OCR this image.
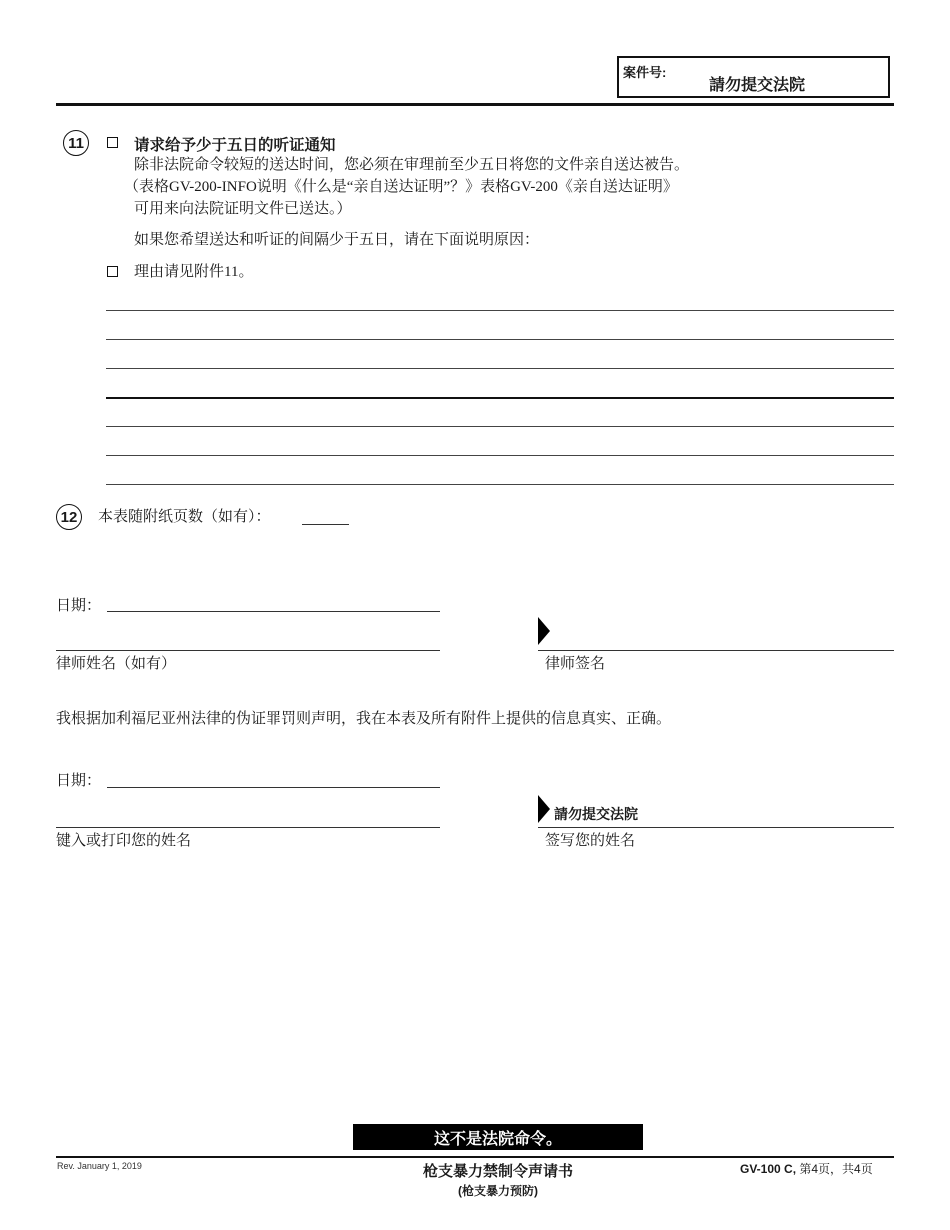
案件号:
請勿提交法院
11	请求给予少于五日的听证通知
除非法院命令较短的送达时间，您必须在审理前至少五日将您的文件亲自送达被告。
（表格GV-200-INFO说明《什么是“亲自送达证明”？》表格GV-200《亲自送达证明》
可用来向法院证明文件已送达。）
如果您希望送达和听证的间隔少于五日，请在下面说明原因：
理由请见附件11。
12 本表随附纸页数（如有）：
日期：
律师姓名（如有）	律师签名
我根据加利福尼亚州法律的伪证罪罚则声明，我在本表及所有附件上提供的信息真实、正确。
日期：
键入或打印您的姓名
請勿提交法院
签写您的姓名
这不是法院命令。
Rev. January 1, 2019	枪支暴力禁制令声请书
(枪支暴力预防)
GV-100 C, 第4页，共4页
